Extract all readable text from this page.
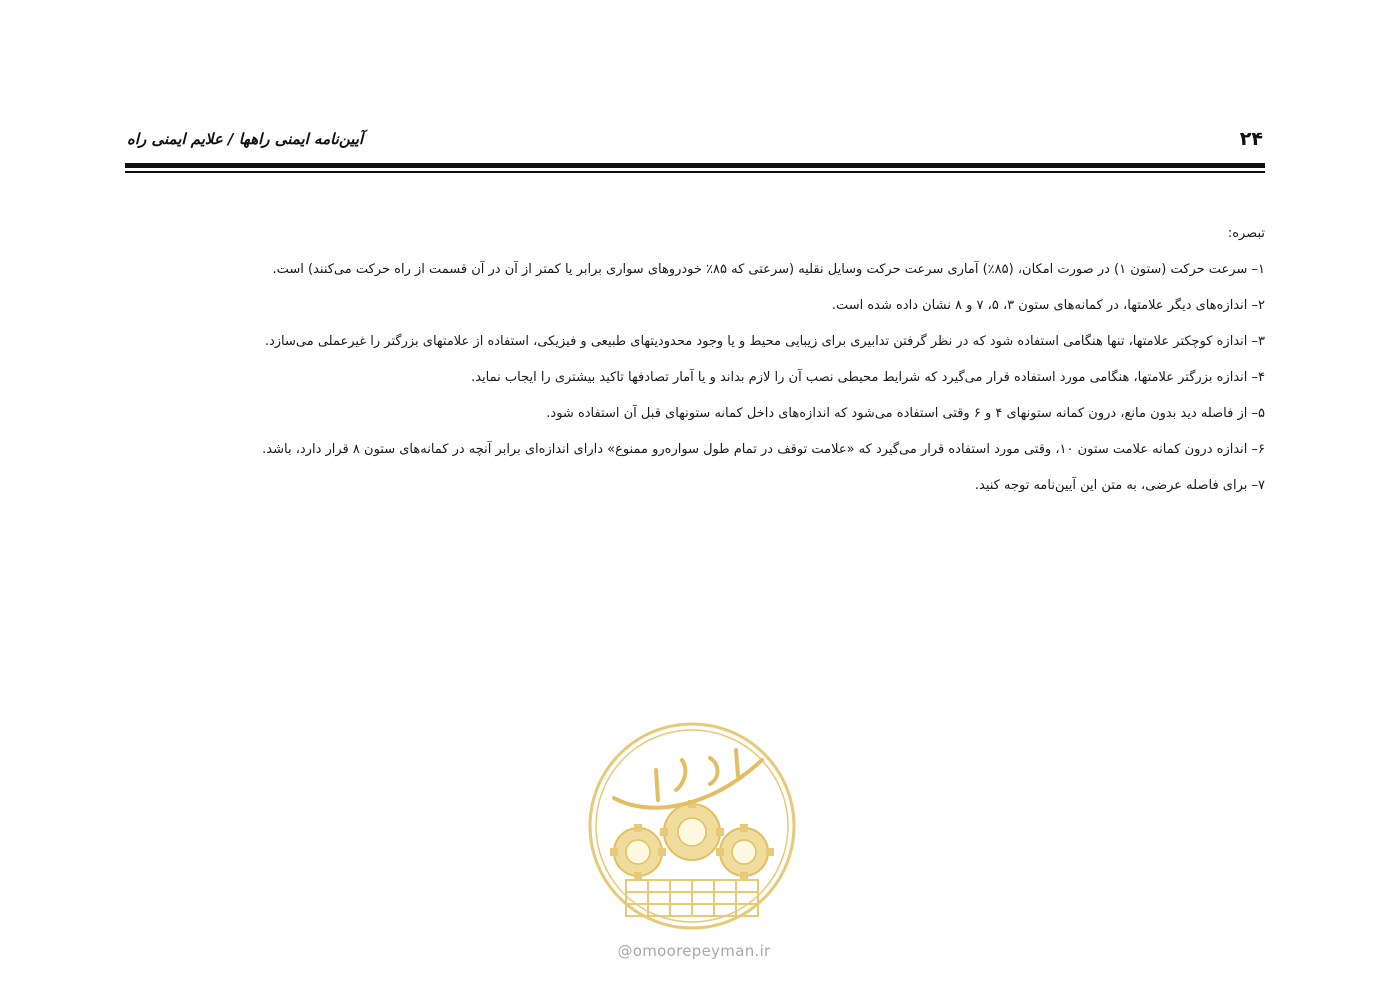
۲۴
آیین‌نامه ایمنی راهها / علایم ایمنی راه

تبصره:

۱– سرعت حرکت (ستون ۱) در صورت امکان، (۸۵٪) آماری سرعت حرکت وسایل نقلیه (سرعتی که ۸۵٪ خودروهای سواری برابر یا کمتر از آن در آن قسمت از راه حرکت می‌کنند) است.

۲– اندازه‌های دیگر علامتها، در کمانه‌های ستون ۳، ۵، ۷ و ۸ نشان داده شده است.

۳– اندازه کوچکتر علامتها، تنها هنگامی استفاده شود که در نظر گرفتن تدابیری برای زیبایی محیط و یا وجود محدودیتهای طبیعی و فیزیکی، استفاده از علامتهای بزرگتر را غیرعملی می‌سازد.

۴– اندازه بزرگتر علامتها، هنگامی مورد استفاده قرار می‌گیرد که شرایط محیطی نصب آن را لازم بداند و یا آمار تصادفها تاکید بیشتری را ایجاب نماید.

۵– از فاصله دید بدون مانع، درون کمانه ستونهای ۴ و ۶ وقتی استفاده می‌شود که اندازه‌های داخل کمانه ستونهای قبل آن استفاده شود.

۶– اندازه درون کمانه علامت ستون ۱۰، وقتی مورد استفاده قرار می‌گیرد که «علامت توقف در تمام طول سواره‌رو ممنوع» دارای اندازه‌ای برابر آنچه در کمانه‌های ستون ۸ قرار دارد، باشد.

۷– برای فاصله عرضی، به متن این آیین‌نامه توجه کنید.

@omoorepeyman.ir
